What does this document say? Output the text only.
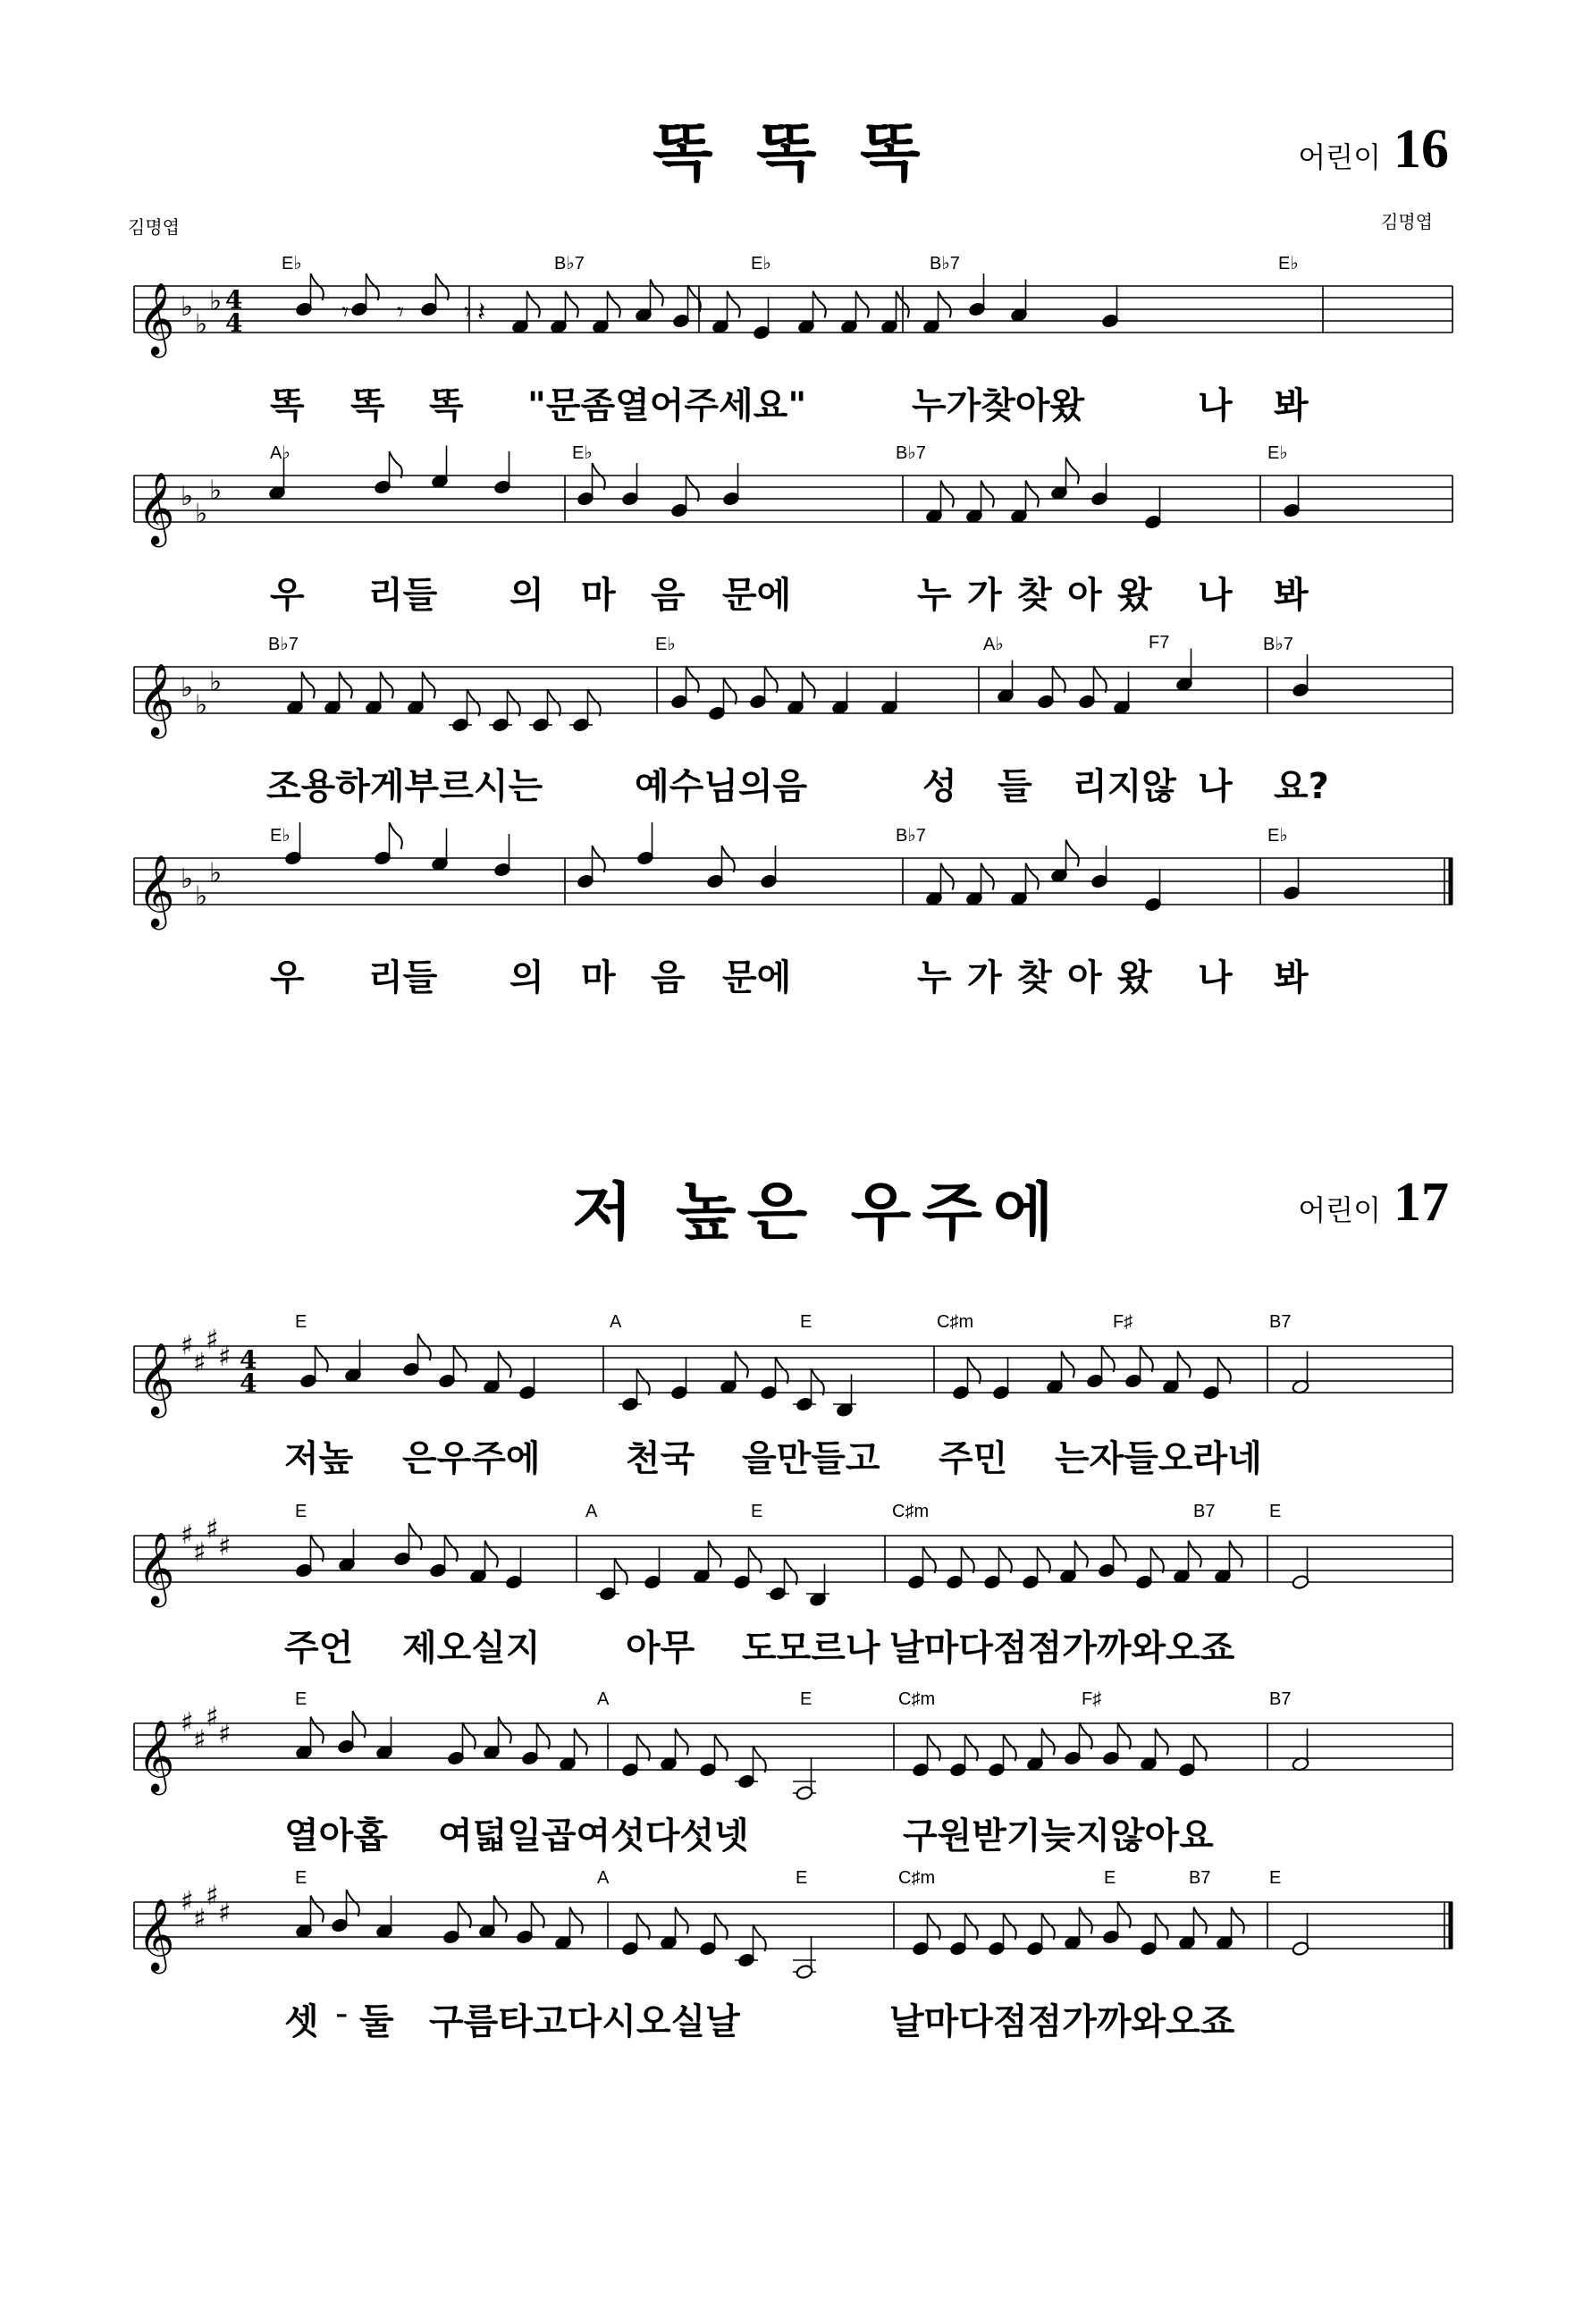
똑 똑 똑	어린이 16
김명엽	김명엽
𝄞 ♭
♭
♭ 4
4	𝄾 𝄾 𝄾 𝄽
E♭	B♭7	E♭	B♭7	E♭

똑

똑

똑

"문좀열어주세요"

	누가찾아왔

	나

봐

𝄞 ♭
♭
♭
A♭	E♭	B♭7	E♭

우

리들

의

마

음

문에

	누

가

찾

아

왔

나

봐

𝄞 ♭
♭
♭
B♭7	E♭	A♭	F7	B♭7

조용하게부르시는

	예수님의음

	성

들

리지않

나

요?

𝄞 ♭
♭
♭
E♭	B♭7	E♭

우

리들

의

마

음

문에

	누

가

찾

아

왔

나

봐

저 높은 우주에	어린이 17
𝄞 ♯
♯
♯
♯ 4
4
E	A	E	C♯m	F♯	B7

저높

은우주에

천국

을만들고

주민

는자들오라네

𝄞 ♯
♯
♯
♯
E	A	E	C♯m	B7	E

주언

제오실지

아무

도모르나

날마다점점가까와오죠

𝄞 ♯
♯
♯
♯
E	A	E	C♯m	F♯	B7

열아홉

여덟일곱여섯다섯넷

	구원받기늦지않아요

𝄞 ♯
♯
♯
♯
E	A	E	C♯m	E	B7	E

셋

-

둘

구름타고다시오실날

	날마다점점가까와오죠
